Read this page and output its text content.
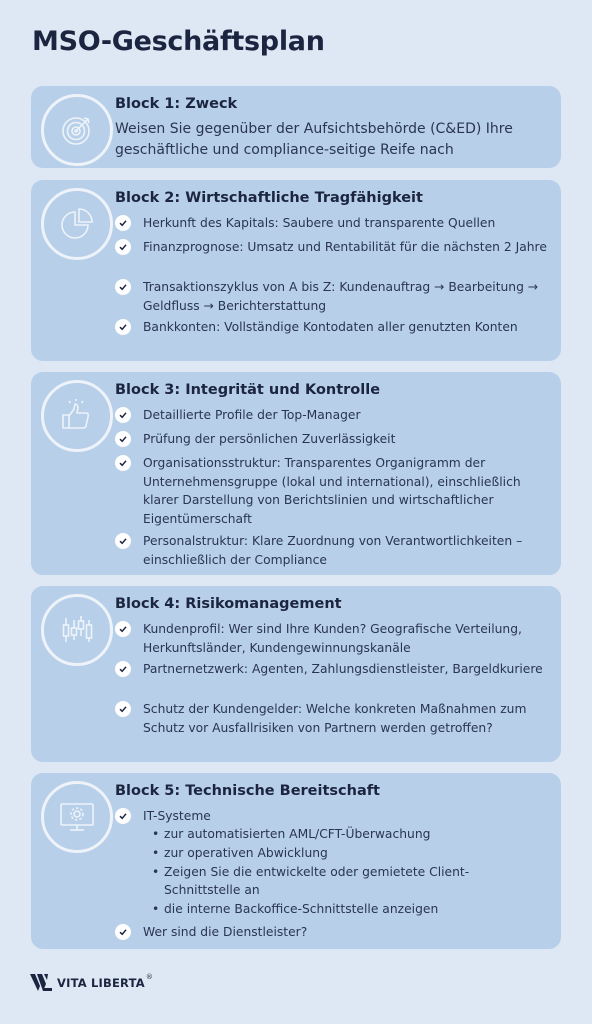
MSO-Geschäftsplan
Block 1: Zweck
Weisen Sie gegenüber der Aufsichtsbehörde (C&ED) Ihre geschäftliche und compliance-seitige Reife nach
Block 2: Wirtschaftliche Tragfähigkeit
Herkunft des Kapitals: Saubere und transparente Quellen
Finanzprognose: Umsatz und Rentabilität für die nächsten 2 Jahre
Transaktionszyklus von A bis Z: Kundenauftrag → Bearbeitung → Geldfluss → Berichterstattung
Bankkonten: Vollständige Kontodaten aller genutzten Konten
Block 3: Integrität und Kontrolle
Detaillierte Profile der Top-Manager
Prüfung der persönlichen Zuverlässigkeit
Organisationsstruktur: Transparentes Organigramm der Unternehmensgruppe (lokal und international), einschließlich klarer Darstellung von Berichtslinien und wirtschaftlicher Eigentümerschaft
Personalstruktur: Klare Zuordnung von Verantwortlichkeiten – einschließlich der Compliance
Block 4: Risikomanagement
Kundenprofil: Wer sind Ihre Kunden? Geografische Verteilung, Herkunftsländer, Kundengewinnungskanäle
Partnernetzwerk: Agenten, Zahlungsdienstleister, Bargeldkuriere
Schutz der Kundengelder: Welche konkreten Maßnahmen zum Schutz vor Ausfallrisiken von Partnern werden getroffen?
Block 5: Technische Bereitschaft
IT-Systeme
• zur automatisierten AML/CFT-Überwachung
• zur operativen Abwicklung
• Zeigen Sie die entwickelte oder gemietete Client-Schnittstelle an
• die interne Backoffice-Schnittstelle anzeigen
Wer sind die Dienstleister?
VITA LIBERTA ®
